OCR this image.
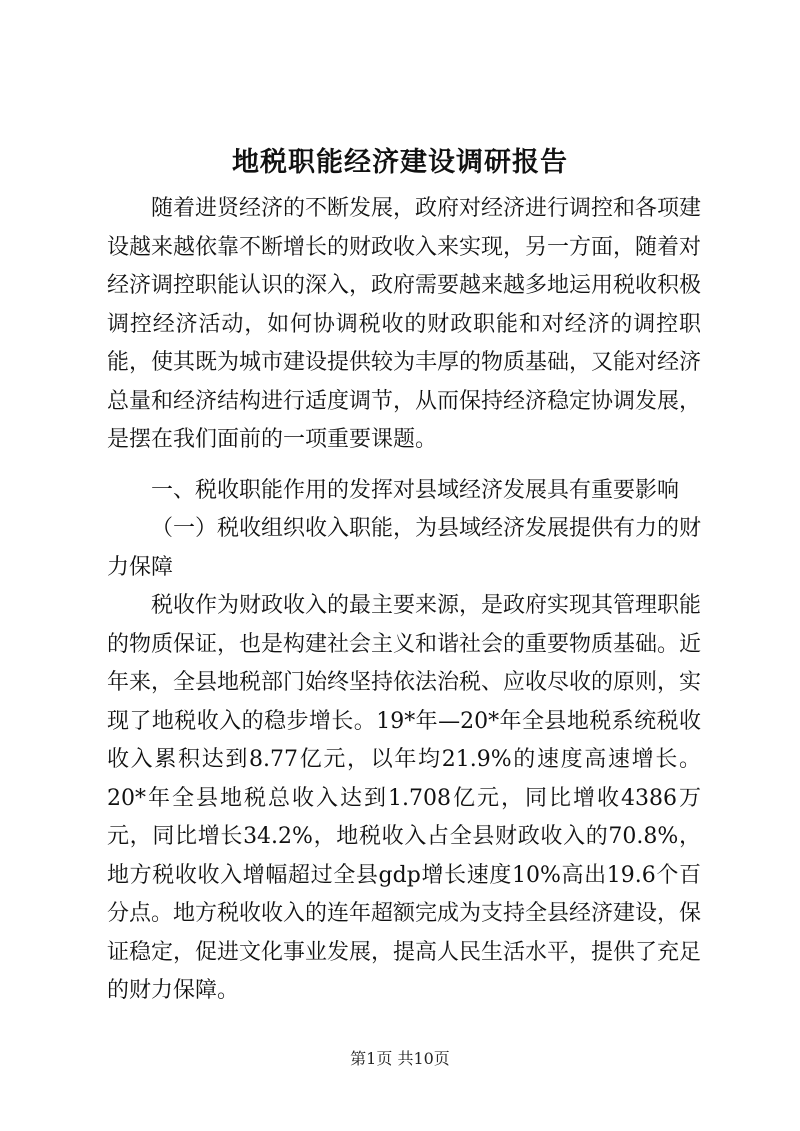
地税职能经济建设调研报告

随着进贤经济的不断发展，政府对经济进行调控和各项建设越来越依靠不断增长的财政收入来实现，另一方面，随着对经济调控职能认识的深入，政府需要越来越多地运用税收积极调控经济活动，如何协调税收的财政职能和对经济的调控职能，使其既为城市建设提供较为丰厚的物质基础，又能对经济总量和经济结构进行适度调节，从而保持经济稳定协调发展，是摆在我们面前的一项重要课题。

一、税收职能作用的发挥对县域经济发展具有重要影响

（一）税收组织收入职能，为县域经济发展提供有力的财力保障

税收作为财政收入的最主要来源，是政府实现其管理职能的物质保证，也是构建社会主义和谐社会的重要物质基础。近年来，全县地税部门始终坚持依法治税、应收尽收的原则，实现了地税收入的稳步增长。19*年—20*年全县地税系统税收收入累积达到8.77亿元，以年均21.9%的速度高速增长。20*年全县地税总收入达到1.708亿元，同比增收4386万元，同比增长34.2%，地税收入占全县财政收入的70.8%，地方税收收入增幅超过全县gdp增长速度10%高出19.6个百分点。地方税收收入的连年超额完成为支持全县经济建设，保证稳定，促进文化事业发展，提高人民生活水平，提供了充足的财力保障。

第1页 共10页
